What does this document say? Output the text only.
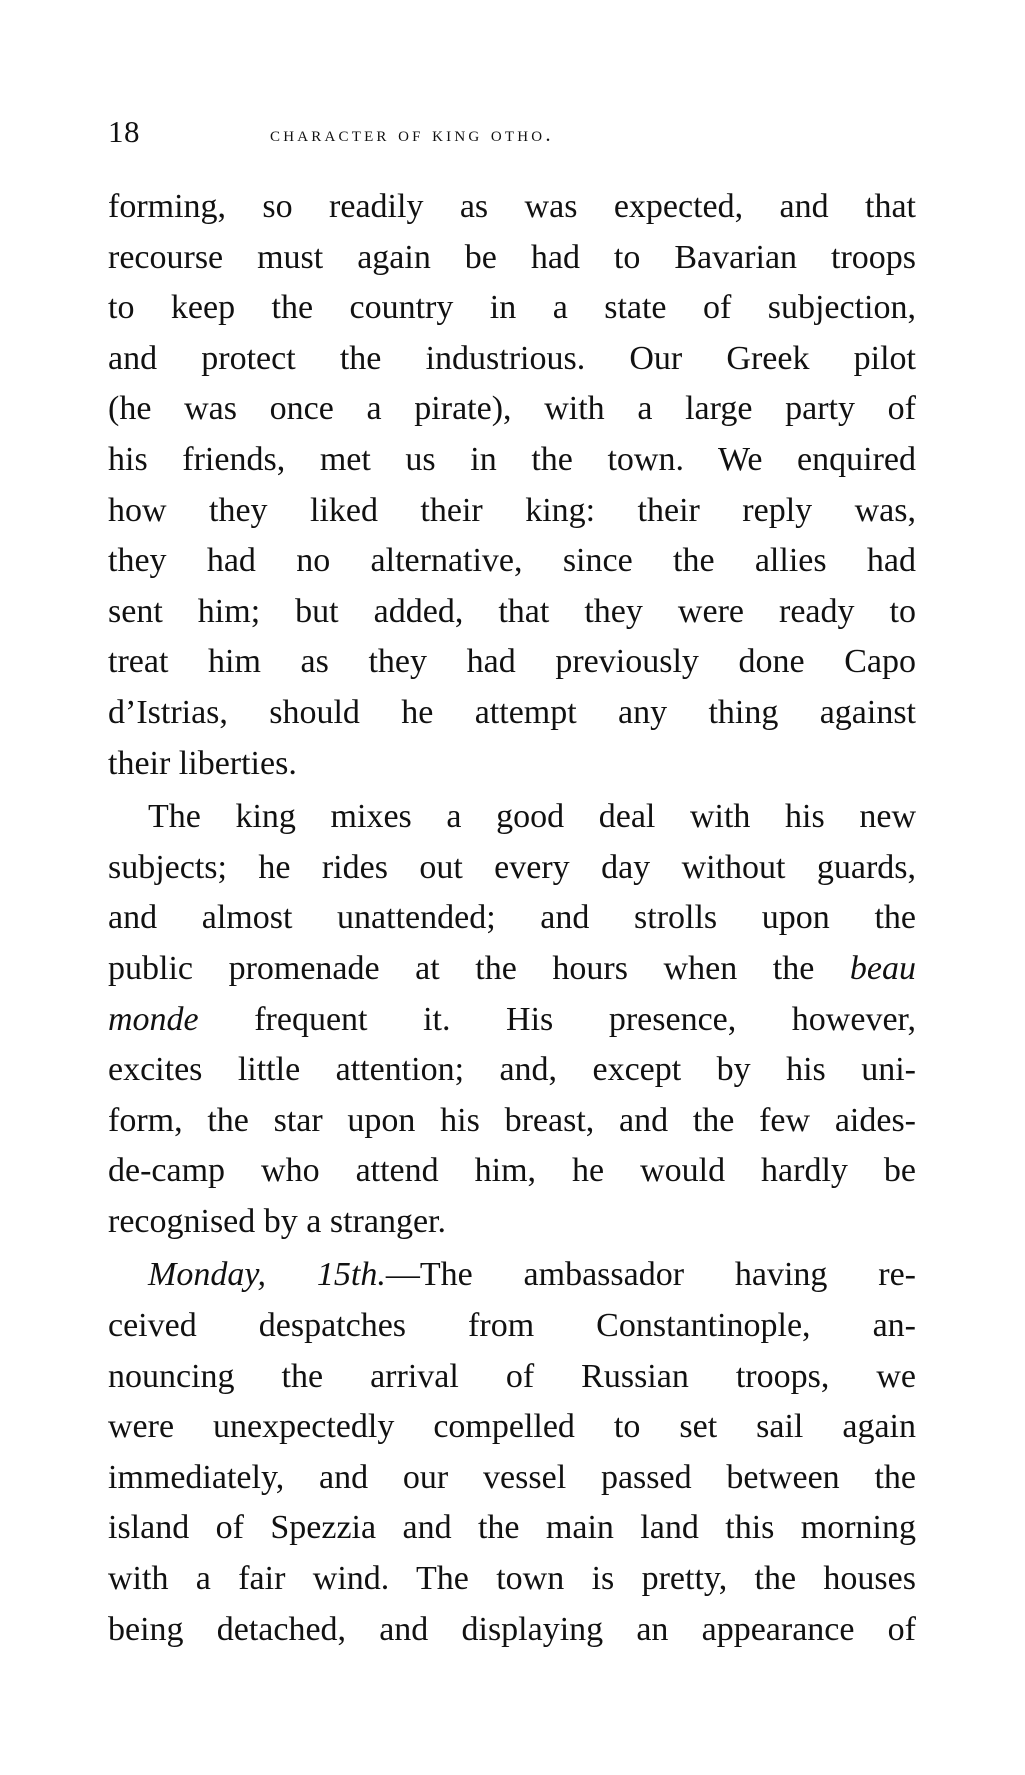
18	character of king otho.
forming, so readily as was expected, and that
recourse must again be had to Bavarian troops
to keep the country in a state of subjection,
and protect the industrious. Our Greek pilot
(he was once a pirate), with a large party of
his friends, met us in the town. We enquired
how they liked their king: their reply was,
they had no alternative, since the allies had
sent him; but added, that they were ready to
treat him as they had previously done Capo
d’Istrias, should he attempt any thing against
their liberties.
The king mixes a good deal with his new
subjects; he rides out every day without guards,
and almost unattended; and strolls upon the
public promenade at the hours when the beau
monde frequent it. His presence, however,
excites little attention; and, except by his uni-
form, the star upon his breast, and the few aides-
de-camp who attend him, he would hardly be
recognised by a stranger.
Monday, 15th.—The ambassador having re-
ceived despatches from Constantinople, an-
nouncing the arrival of Russian troops, we
were unexpectedly compelled to set sail again
immediately, and our vessel passed between the
island of Spezzia and the main land this morning
with a fair wind. The town is pretty, the houses
being detached, and displaying an appearance of
